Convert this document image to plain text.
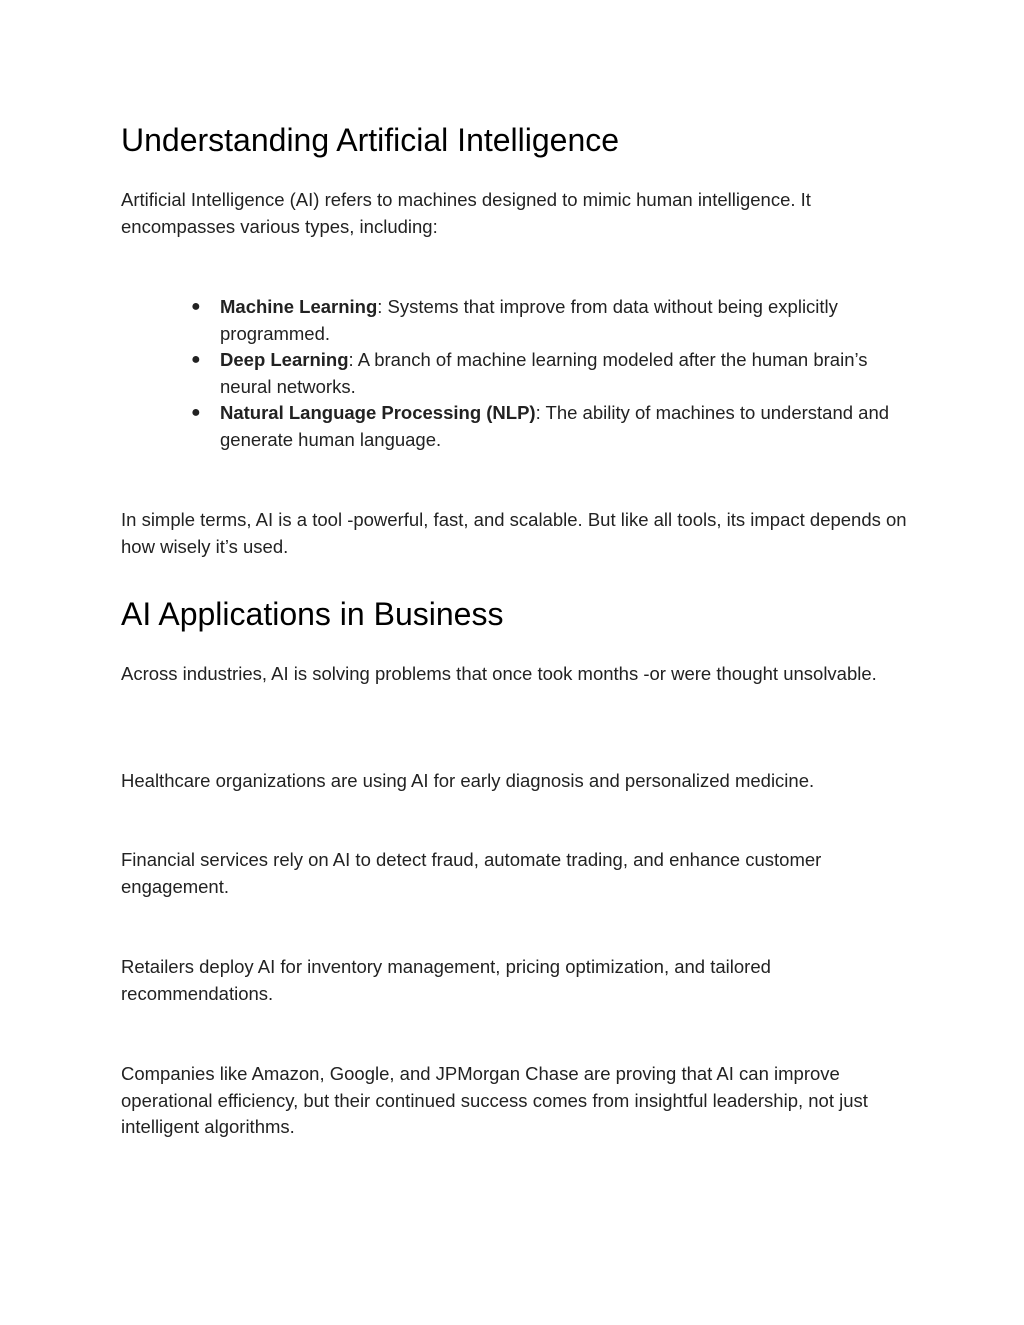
Understanding Artificial Intelligence

Artificial Intelligence (AI) refers to machines designed to mimic human intelligence. It encompasses various types, including:

● Machine Learning: Systems that improve from data without being explicitly programmed.
● Deep Learning: A branch of machine learning modeled after the human brain’s neural networks.
● Natural Language Processing (NLP): The ability of machines to understand and generate human language.

In simple terms, AI is a tool -powerful, fast, and scalable. But like all tools, its impact depends on how wisely it’s used.

AI Applications in Business

Across industries, AI is solving problems that once took months -or were thought unsolvable.

Healthcare organizations are using AI for early diagnosis and personalized medicine.

Financial services rely on AI to detect fraud, automate trading, and enhance customer engagement.

Retailers deploy AI for inventory management, pricing optimization, and tailored recommendations.

Companies like Amazon, Google, and JPMorgan Chase are proving that AI can improve operational efficiency, but their continued success comes from insightful leadership, not just intelligent algorithms.
